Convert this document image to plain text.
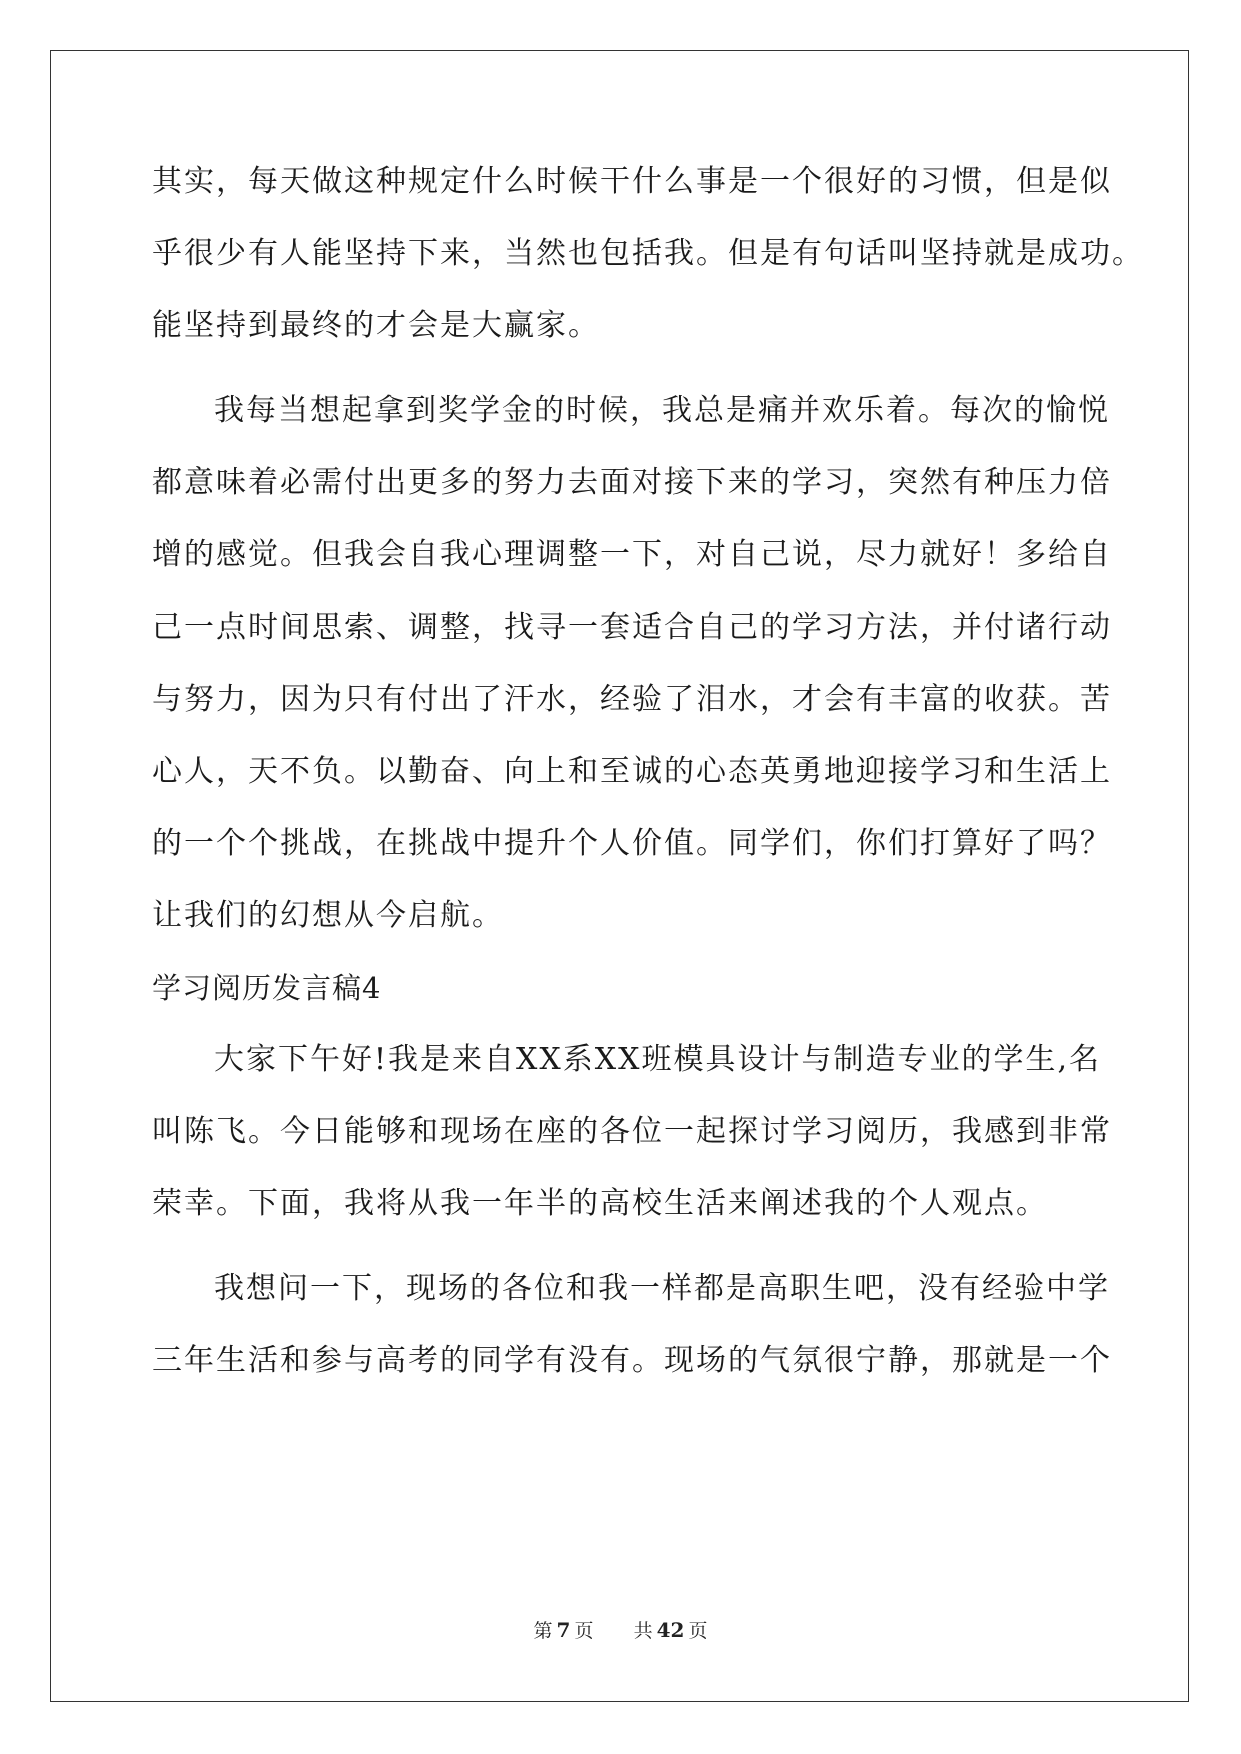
其实，每天做这种规定什么时候干什么事是一个很好的习惯，但是似
乎很少有人能坚持下来，当然也包括我。但是有句话叫坚持就是成功。
能坚持到最终的才会是大赢家。
我每当想起拿到奖学金的时候，我总是痛并欢乐着。每次的愉悦
都意味着必需付出更多的努力去面对接下来的学习，突然有种压力倍
增的感觉。但我会自我心理调整一下，对自己说，尽力就好！多给自
己一点时间思索、调整，找寻一套适合自己的学习方法，并付诸行动
与努力，因为只有付出了汗水，经验了泪水，才会有丰富的收获。苦
心人，天不负。以勤奋、向上和至诚的心态英勇地迎接学习和生活上
的一个个挑战，在挑战中提升个人价值。同学们，你们打算好了吗？
让我们的幻想从今启航。
学习阅历发言稿4
大家下午好!我是来自XX系XX班模具设计与制造专业的学生,名
叫陈飞。今日能够和现场在座的各位一起探讨学习阅历，我感到非常
荣幸。下面，我将从我一年半的高校生活来阐述我的个人观点。
我想问一下，现场的各位和我一样都是高职生吧，没有经验中学
三年生活和参与高考的同学有没有。现场的气氛很宁静，那就是一个
第 7 页 共 42 页
